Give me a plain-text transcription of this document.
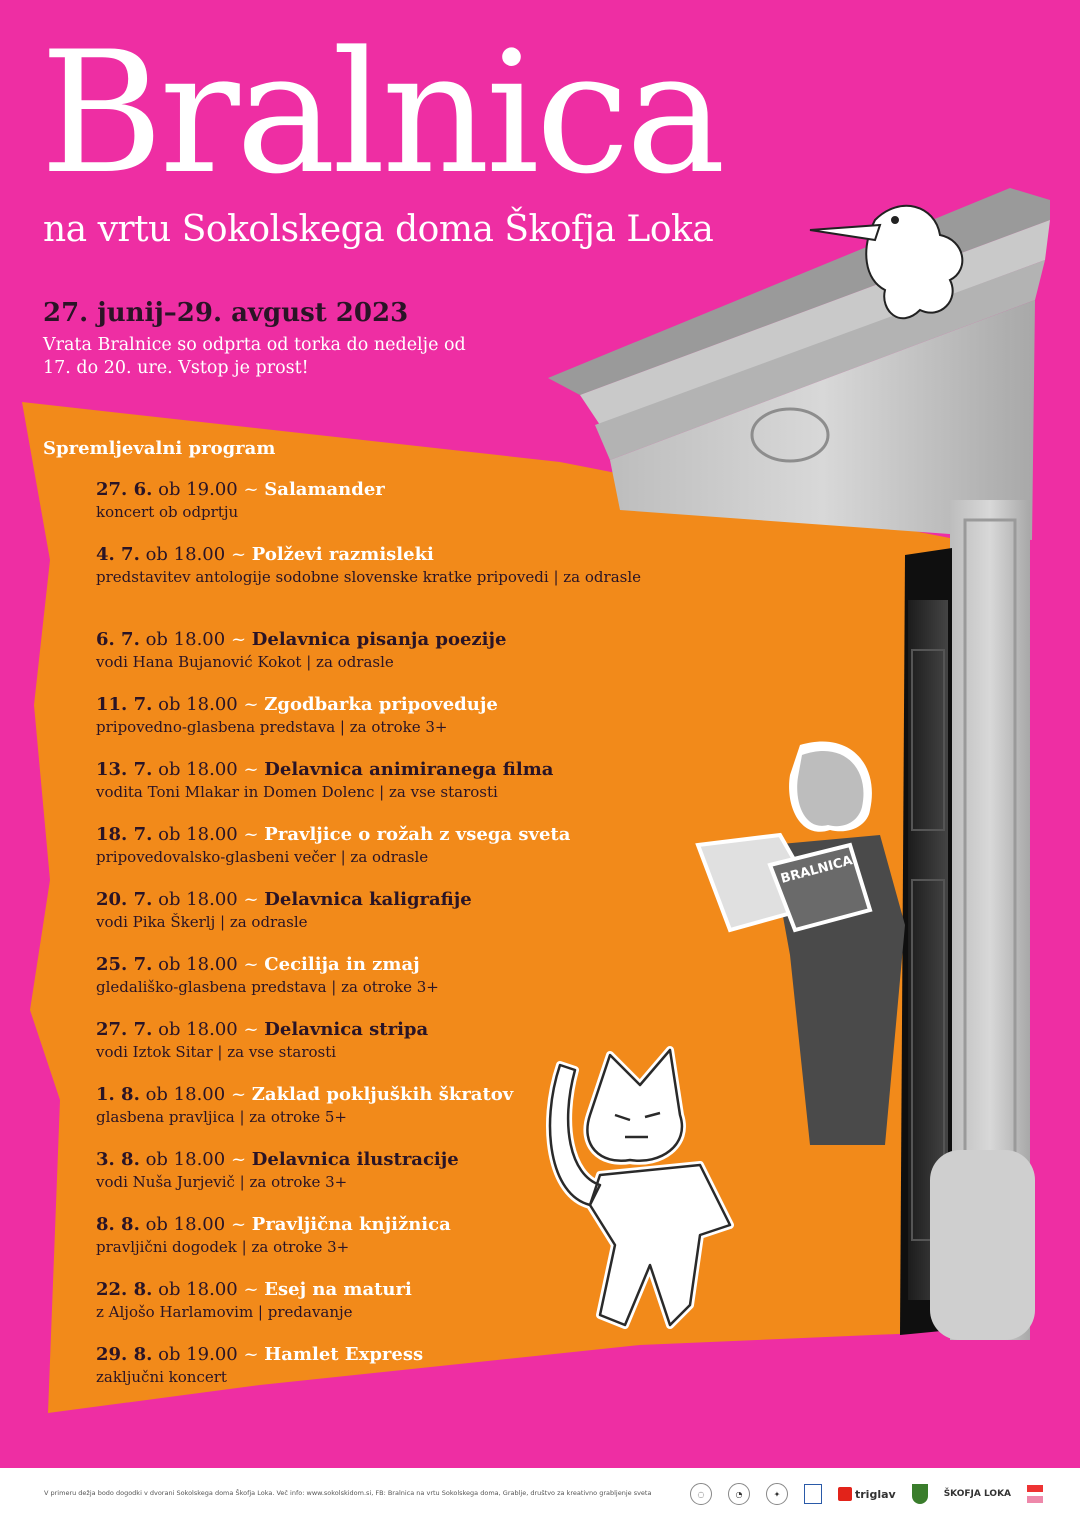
Bralnica
na vrtu Sokolskega doma Škofja Loka
27. junij–29. avgust 2023
Vrata Bralnice so odprta od torka do nedelje od 17. do 20. ure. Vstop je prost!
BRALNICA
Spremljevalni program
27. 6. ob 19.00 ~ Salamander
koncert ob odprtju
4. 7. ob 18.00 ~ Polževi razmisleki
predstavitev antologije sodobne slovenske kratke pripovedi | za odrasle
6. 7. ob 18.00 ~ Delavnica pisanja poezije
vodi Hana Bujanović Kokot | za odrasle
11. 7. ob 18.00 ~ Zgodbarka pripoveduje
pripovedno-glasbena predstava | za otroke 3+
13. 7. ob 18.00 ~ Delavnica animiranega filma
vodita Toni Mlakar in Domen Dolenc | za vse starosti
18. 7. ob 18.00 ~ Pravljice o rožah z vsega sveta
pripovedovalsko-glasbeni večer | za odrasle
20. 7. ob 18.00 ~ Delavnica kaligrafije
vodi Pika Škerlj | za odrasle
25. 7. ob 18.00 ~ Cecilija in zmaj
gledališko-glasbena predstava | za otroke 3+
27. 7. ob 18.00 ~ Delavnica stripa
vodi Iztok Sitar | za vse starosti
1. 8. ob 18.00 ~ Zaklad pokljuških škratov
glasbena pravljica | za otroke 5+
3. 8. ob 18.00 ~ Delavnica ilustracije
vodi Nuša Jurjevič | za otroke 3+
8. 8. ob 18.00 ~ Pravljična knjižnica
pravljični dogodek | za otroke 3+
22. 8. ob 18.00 ~ Esej na maturi
z Aljošo Harlamovim | predavanje
29. 8. ob 19.00 ~ Hamlet Express
zaključni koncert
V primeru dežja bodo dogodki v dvorani Sokolskega doma Škofja Loka. Več info: www.sokolskidom.si, FB: Bralnica na vrtu Sokolskega doma, Grablje, društvo za kreativno grabljenje sveta	◌	◔	✦	triglav	ŠKOFJA LOKA
